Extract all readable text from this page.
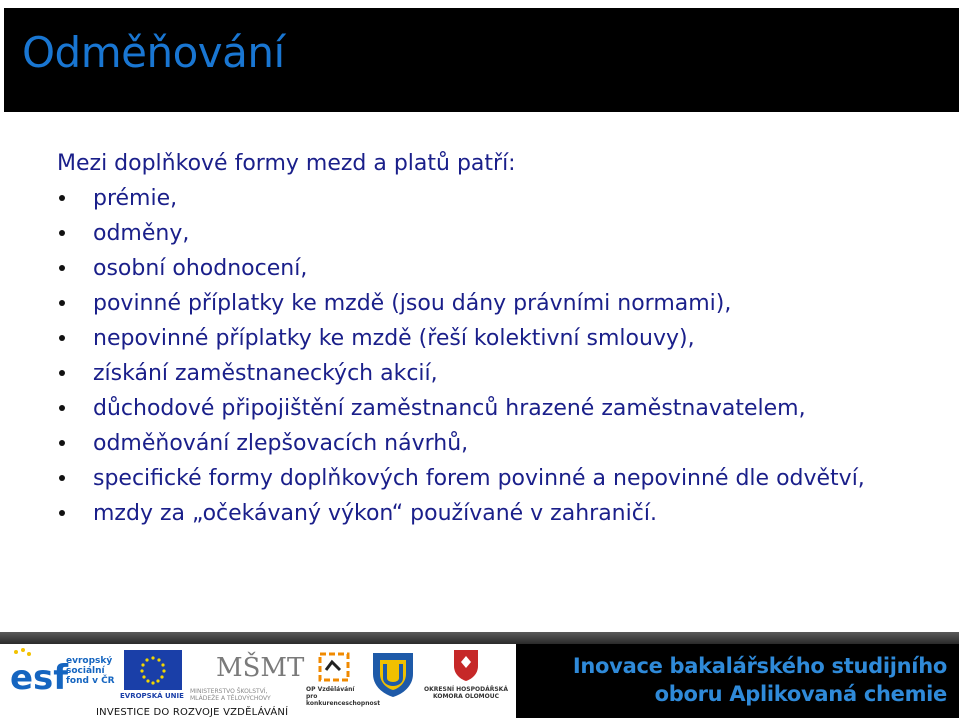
Odměňování

Mezi doplňkové formy mezd a platů patří:

prémie,
odměny,
osobní ohodnocení,
povinné příplatky ke mzdě (jsou dány právními normami),
nepovinné příplatky ke mzdě (řeší kolektivní smlouvy),
získání zaměstnaneckých akcií,
důchodové připojištění zaměstnanců hrazené zaměstnavatelem,
odměňování zlepšovacích návrhů,
specifické formy doplňkových forem povinné a nepovinné dle odvětví,
mzdy za „očekávaný výkon“ používané v zahraničí.
esf
evropský sociální fond v ČR
EVROPSKÁ UNIE
MŠMT
MINISTERSTVO ŠKOLSTVÍ, MLÁDEŽE A TĚLOVÝCHOVY
OP Vzdělávání pro konkurenceschopnost
OKRESNÍ HOSPODÁŘSKÁ KOMORA OLOMOUC
INVESTICE DO ROZVOJE VZDĚLÁVÁNÍ
Inovace bakalářského studijního
oboru Aplikovaná chemie
